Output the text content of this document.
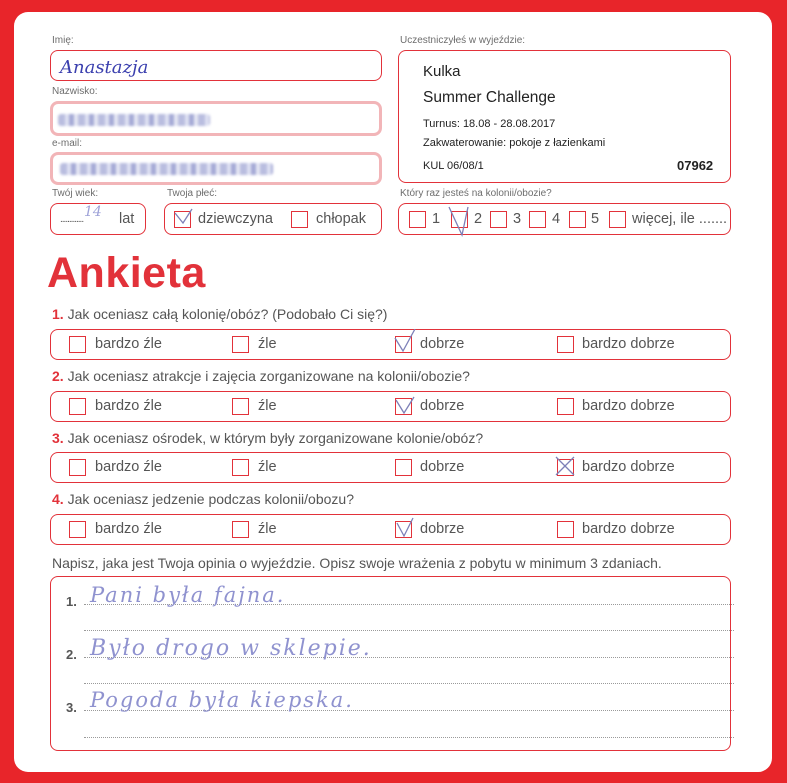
Imię:
Anastazja
Nazwisko:
e-mail:
Twój wiek:
............. 14 lat
Twoja płeć:
dziewczyna	chłopak
Uczestniczyłeś w wyjeździe:
Kulka
Summer Challenge
Turnus: 18.08 - 28.08.2017
Zakwaterowanie: pokoje z łazienkami
KUL 06/08/1	07962
Który raz jesteś na kolonii/obozie?
1 2 3 4 5 więcej, ile .......
Ankieta
1. Jak oceniasz całą kolonię/obóz? (Podobało Ci się?)
bardzo źle	źle	dobrze	bardzo dobrze
2. Jak oceniasz atrakcje i zajęcia zorganizowane na kolonii/obozie?
bardzo źle	źle	dobrze	bardzo dobrze
3. Jak oceniasz ośrodek, w którym były zorganizowane kolonie/obóz?
bardzo źle	źle	dobrze	bardzo dobrze
4. Jak oceniasz jedzenie podczas kolonii/obozu?
bardzo źle	źle	dobrze	bardzo dobrze
Napisz, jaka jest Twoja opinia o wyjeździe. Opisz swoje wrażenia z pobytu w minimum 3 zdaniach.
1. Pani była fajna.
2. Było drogo w sklepie.
3. Pogoda była kiepska.
